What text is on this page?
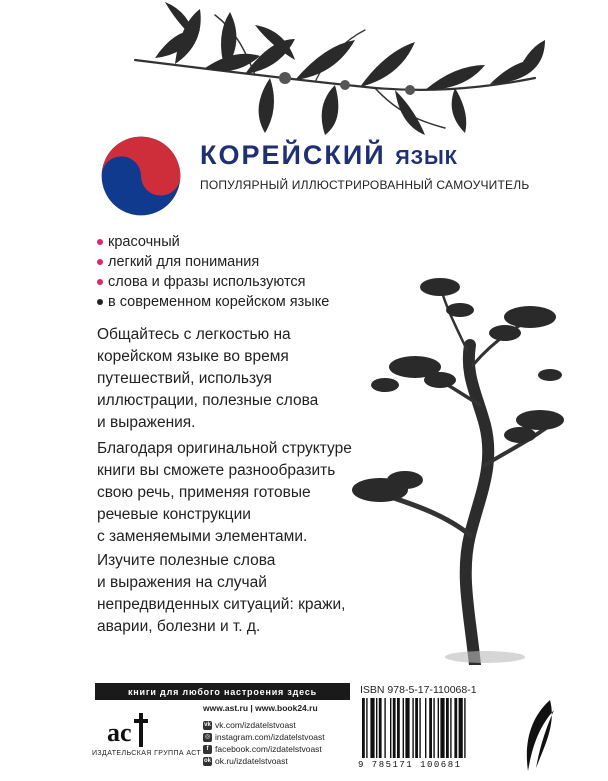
КОРЕЙСКИЙ ЯЗЫК
ПОПУЛЯРНЫЙ ИЛЛЮСТРИРОВАННЫЙ САМОУЧИТЕЛЬ
красочный
легкий для понимания
слова и фразы используются
в современном корейском языке
Общайтесь с легкостью на
корейском языке во время
путешествий, используя
иллюстрации, полезные слова
и выражения.
Благодаря оригинальной структуре
книги вы сможете разнообразить
свою речь, применяя готовые
речевые конструкции
с заменяемыми элементами.
Изучите полезные слова
и выражения на случай
непредвиденных ситуаций: кражи,
аварии, болезни и т. д.
книги для любого настроения здесь	ISBN 978-5-17-110068-1
ac
ИЗДАТЕЛЬСКАЯ ГРУППА АСТ
www.ast.ru | www.book24.ru
vk vk.com/izdatelstvoast
◎ instagram.com/izdatelstvoast
f facebook.com/izdatelstvoast
ok ok.ru/izdatelstvoast	9 785171 100681
